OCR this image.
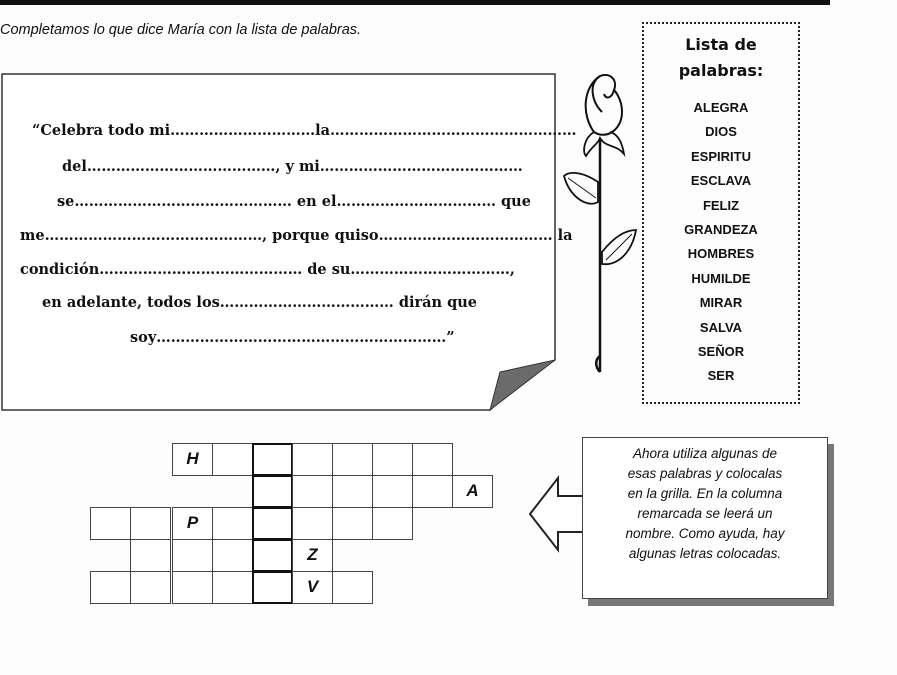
Completamos lo que dice María con la lista de palabras.
“Celebra todo mi…………………………la……………………………………………
del…………………………………, y mi……………………………………
se……………………………………… en el…………………………… que
me………………………………………, porque quiso……………………………… la
condición…………………………………… de su……………………………,
en adelante, todos los……………………………… dirán que
soy……………………………………………………”
Lista de
palabras:
ALEGRA
DIOS
ESPIRITU
ESCLAVA
FELIZ
GRANDEZA
HOMBRES
HUMILDE
MIRAR
SALVA
SEÑOR
SER
H
A
P
Z
V
Ahora utiliza algunas de
esas palabras y colocalas
en la grilla. En la columna
remarcada se leerá un
nombre. Como ayuda, hay
algunas letras colocadas.
